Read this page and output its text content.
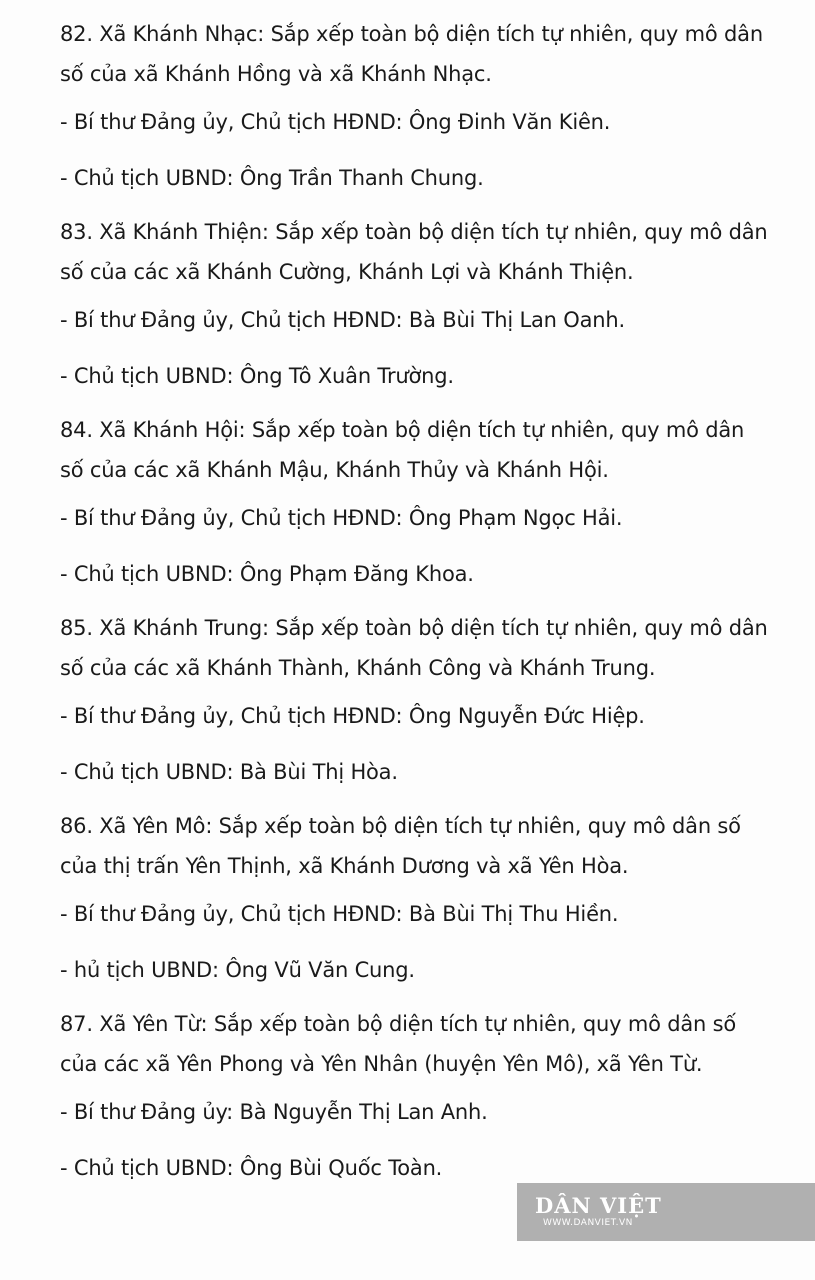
82. Xã Khánh Nhạc: Sắp xếp toàn bộ diện tích tự nhiên, quy mô dân

số của xã Khánh Hồng và xã Khánh Nhạc.

- Bí thư Đảng ủy, Chủ tịch HĐND: Ông Đinh Văn Kiên.

- Chủ tịch UBND: Ông Trần Thanh Chung.

83. Xã Khánh Thiện: Sắp xếp toàn bộ diện tích tự nhiên, quy mô dân

số của các xã Khánh Cường, Khánh Lợi và Khánh Thiện.

- Bí thư Đảng ủy, Chủ tịch HĐND: Bà Bùi Thị Lan Oanh.

- Chủ tịch UBND: Ông Tô Xuân Trường.

84. Xã Khánh Hội: Sắp xếp toàn bộ diện tích tự nhiên, quy mô dân

số của các xã Khánh Mậu, Khánh Thủy và Khánh Hội.

- Bí thư Đảng ủy, Chủ tịch HĐND: Ông Phạm Ngọc Hải.

- Chủ tịch UBND: Ông Phạm Đăng Khoa.

85. Xã Khánh Trung: Sắp xếp toàn bộ diện tích tự nhiên, quy mô dân

số của các xã Khánh Thành, Khánh Công và Khánh Trung.

- Bí thư Đảng ủy, Chủ tịch HĐND: Ông Nguyễn Đức Hiệp.

- Chủ tịch UBND: Bà Bùi Thị Hòa.

86. Xã Yên Mô: Sắp xếp toàn bộ diện tích tự nhiên, quy mô dân số

của thị trấn Yên Thịnh, xã Khánh Dương và xã Yên Hòa.

- Bí thư Đảng ủy, Chủ tịch HĐND: Bà Bùi Thị Thu Hiền.

- hủ tịch UBND: Ông Vũ Văn Cung.

87. Xã Yên Từ: Sắp xếp toàn bộ diện tích tự nhiên, quy mô dân số

của các xã Yên Phong và Yên Nhân (huyện Yên Mô), xã Yên Từ.

- Bí thư Đảng ủy: Bà Nguyễn Thị Lan Anh.

- Chủ tịch UBND: Ông Bùi Quốc Toàn.

DÂN VIỆT
WWW.DANVIET.VN
